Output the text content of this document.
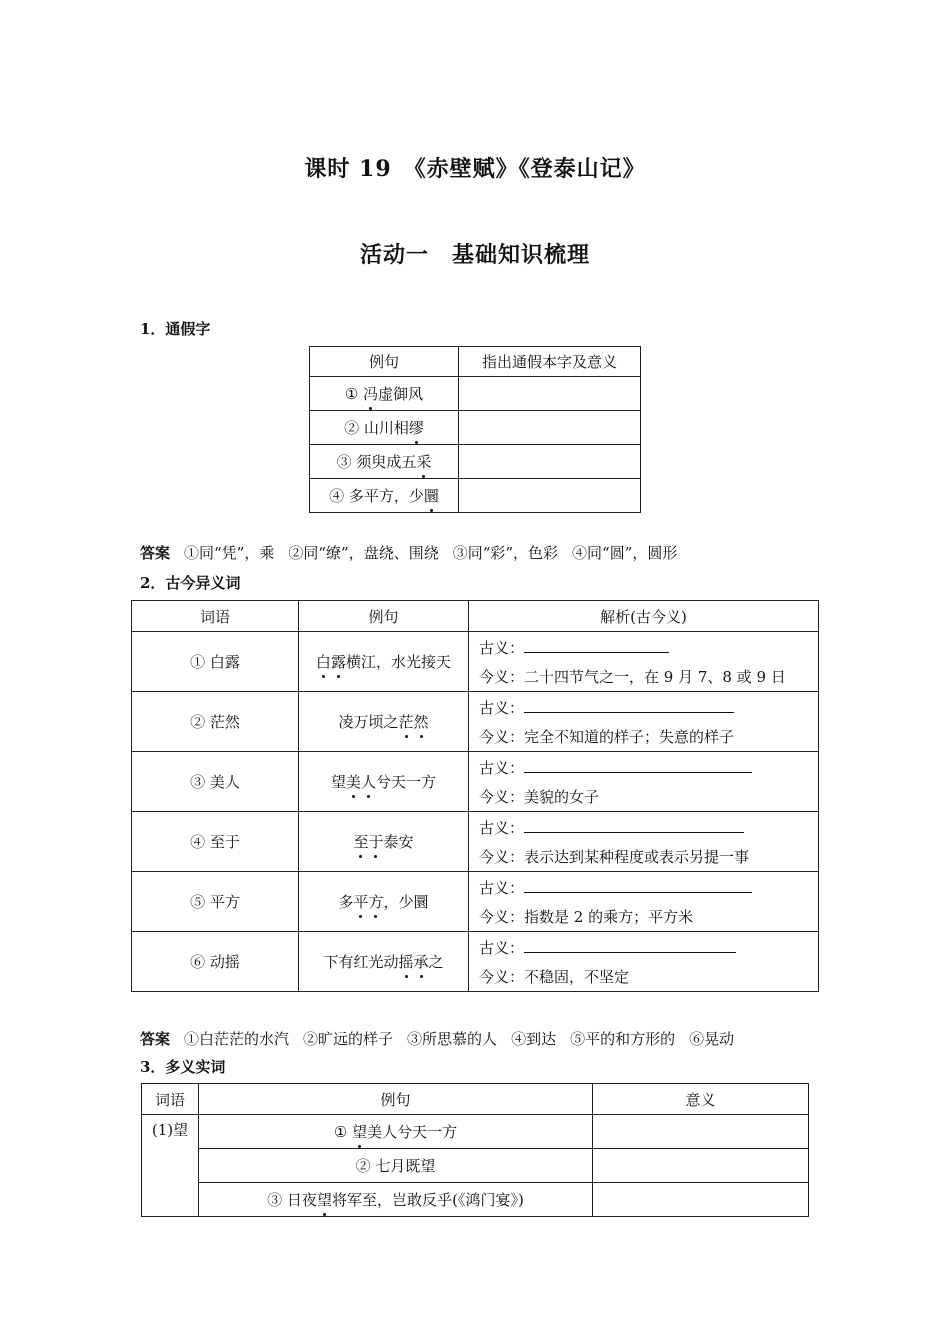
课时 19　《赤壁赋》《登泰山记》
活动一　基础知识梳理
1．通假字
例句	指出通假本字及意义
① 冯虚御风	
② 山川相缪	
③ 须臾成五采	
④ 多平方，少圜	
答案 ①同“凭”，乘 ②同“缭”，盘绕、围绕 ③同“彩”，色彩 ④同“圆”，圆形
2．古今异义词
词语	例句	解析(古今义)
① 白露	白露横江，水光接天	古义：
今义：二十四节气之一，在 9 月 7、8 或 9 日

② 茫然	凌万顷之茫然	古义：
今义：完全不知道的样子；失意的样子

③ 美人	望美人兮天一方	古义：
今义：美貌的女子

④ 至于	至于泰安	古义：
今义：表示达到某种程度或表示另提一事

⑤ 平方	多平方，少圜	古义：
今义：指数是 2 的乘方；平方米

⑥ 动摇	下有红光动摇承之	古义：
今义：不稳固，不坚定
答案 ①白茫茫的水汽 ②旷远的样子 ③所思慕的人 ④到达 ⑤平的和方形的 ⑥晃动
3．多义实词
词语	例句	意义
(1)望	① 望美人兮天一方	
	② 七月既望	
	③ 日夜望将军至，岂敢反乎(《鸿门宴》)	
